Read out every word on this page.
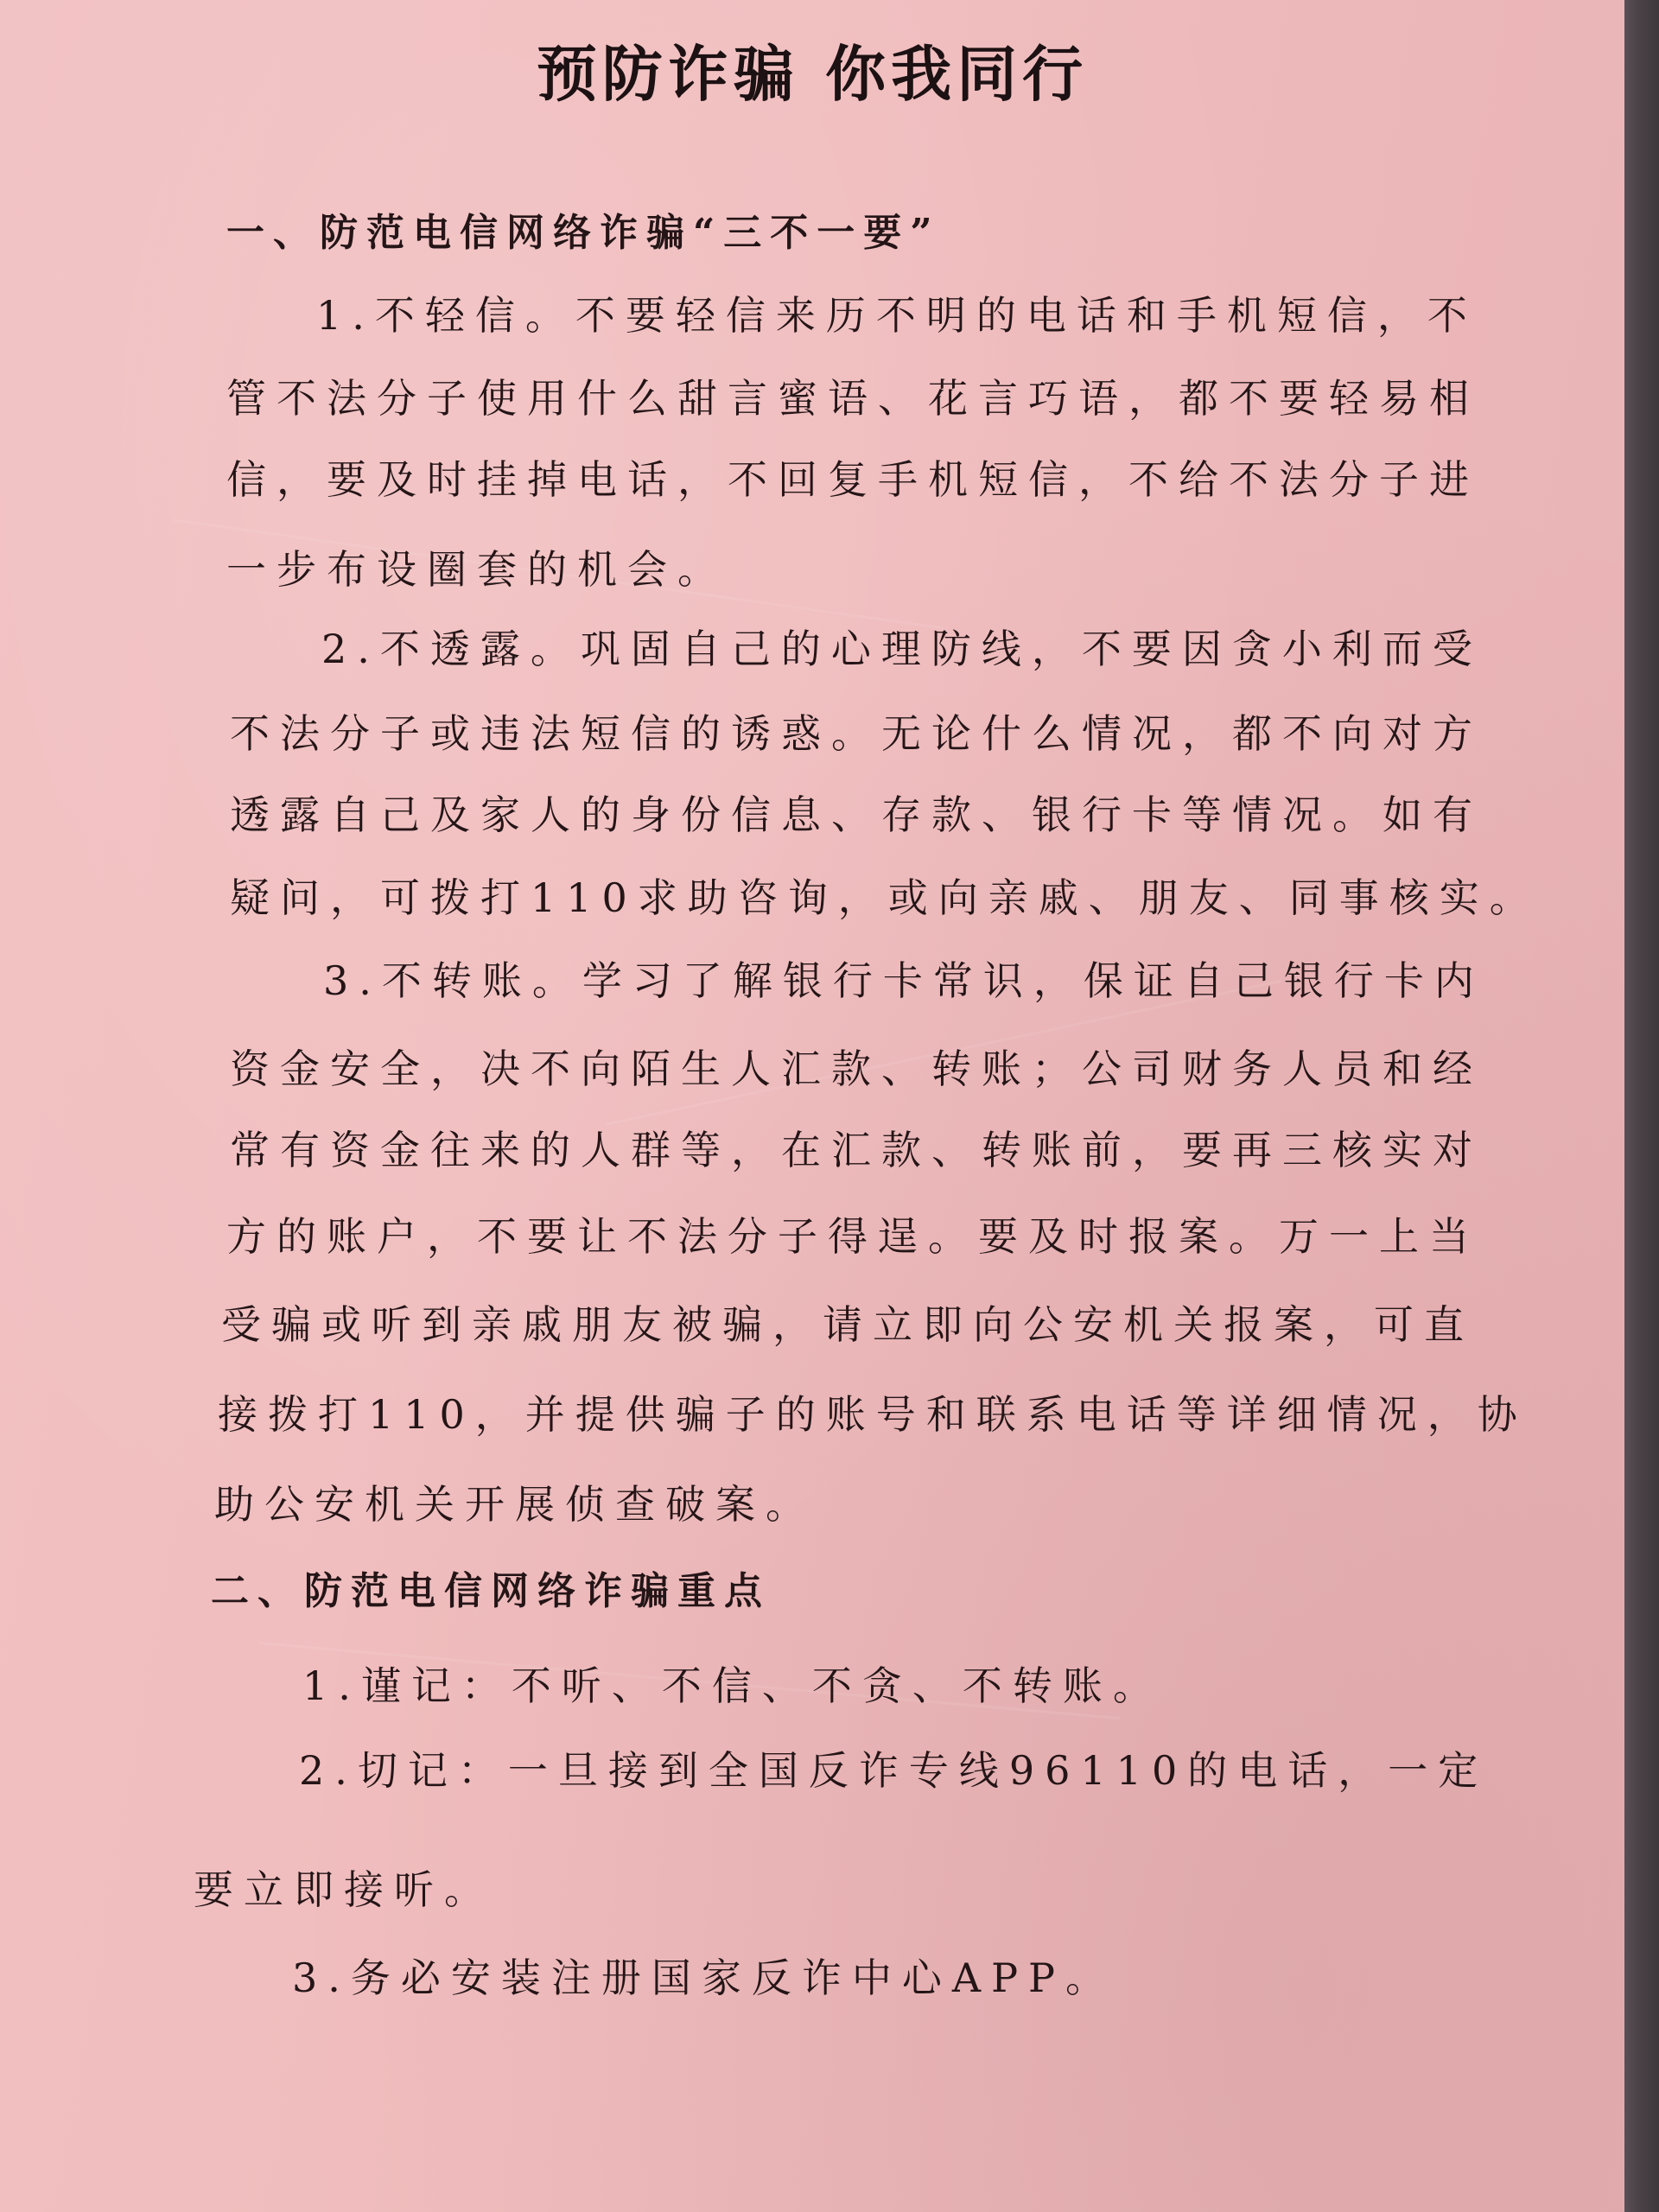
预防诈骗 你我同行

一、防范电信网络诈骗“三不一要”

1.不轻信。不要轻信来历不明的电话和手机短信，不

管不法分子使用什么甜言蜜语、花言巧语，都不要轻易相

信，要及时挂掉电话，不回复手机短信，不给不法分子进

一步布设圈套的机会。

2.不透露。巩固自己的心理防线，不要因贪小利而受

不法分子或违法短信的诱惑。无论什么情况，都不向对方

透露自己及家人的身份信息、存款、银行卡等情况。如有

疑问，可拨打110求助咨询，或向亲戚、朋友、同事核实。

3.不转账。学习了解银行卡常识，保证自己银行卡内

资金安全，决不向陌生人汇款、转账；公司财务人员和经

常有资金往来的人群等，在汇款、转账前，要再三核实对

方的账户，不要让不法分子得逞。要及时报案。万一上当

受骗或听到亲戚朋友被骗，请立即向公安机关报案，可直

接拨打110，并提供骗子的账号和联系电话等详细情况，协

助公安机关开展侦查破案。

二、防范电信网络诈骗重点

1.谨记：不听、不信、不贪、不转账。

2.切记：一旦接到全国反诈专线96110的电话，一定

要立即接听。

3.务必安装注册国家反诈中心APP。
